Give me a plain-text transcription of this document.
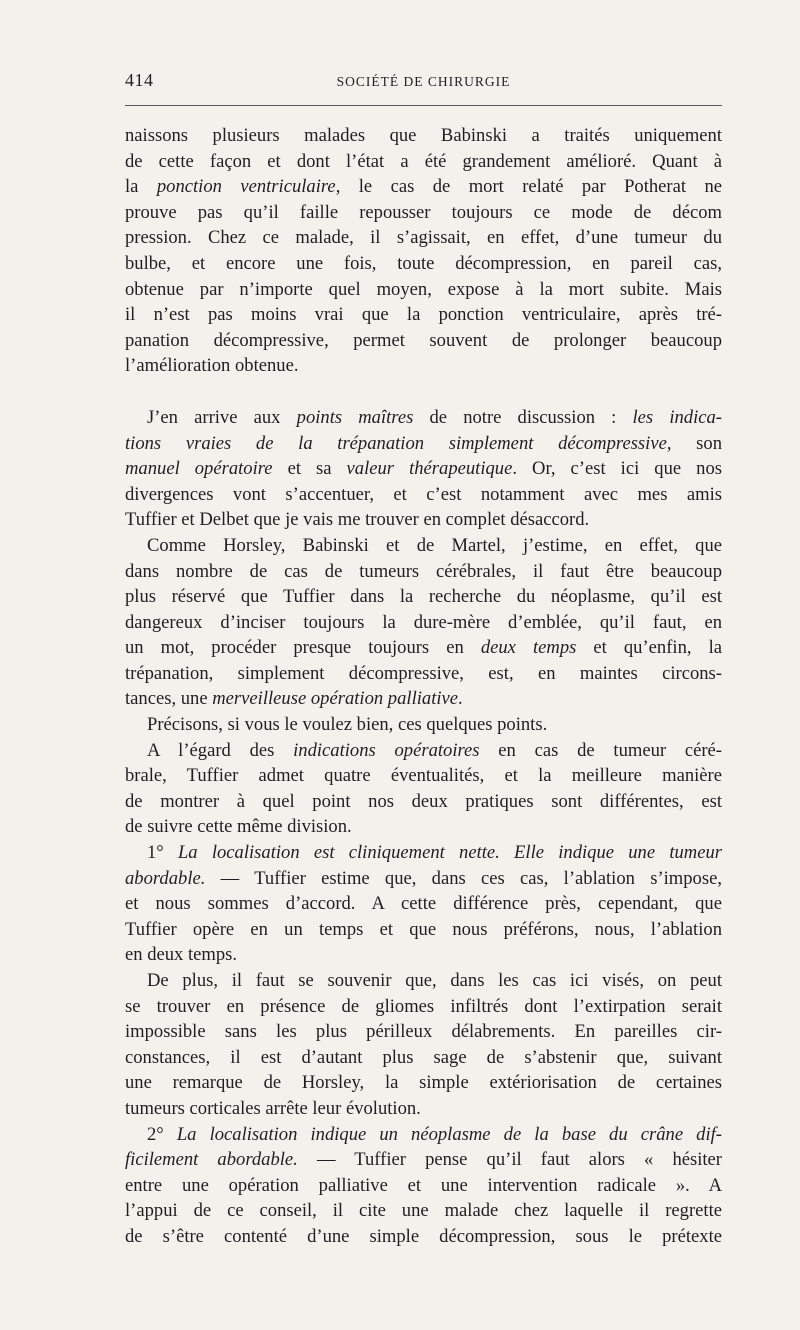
414	SOCIÉTÉ DE CHIRURGIE

naissons plusieurs malades que Babinski a traités uniquement
de cette façon et dont l’état a été grandement amélioré. Quant à
la ponction ventriculaire, le cas de mort relaté par Potherat ne
prouve pas qu’il faille repousser toujours ce mode de décom
pression. Chez ce malade, il s’agissait, en effet, d’une tumeur du
bulbe, et encore une fois, toute décompression, en pareil cas,
obtenue par n’importe quel moyen, expose à la mort subite. Mais
il n’est pas moins vrai que la ponction ventriculaire, après tré-
panation décompressive, permet souvent de prolonger beaucoup
l’amélioration obtenue.

J’en arrive aux points maîtres de notre discussion : les indica-
tions vraies de la trépanation simplement décompressive, son
manuel opératoire et sa valeur thérapeutique. Or, c’est ici que nos
divergences vont s’accentuer, et c’est notamment avec mes amis
Tuffier et Delbet que je vais me trouver en complet désaccord.

Comme Horsley, Babinski et de Martel, j’estime, en effet, que
dans nombre de cas de tumeurs cérébrales, il faut être beaucoup
plus réservé que Tuffier dans la recherche du néoplasme, qu’il est
dangereux d’inciser toujours la dure-mère d’emblée, qu’il faut, en
un mot, procéder presque toujours en deux temps et qu’enfin, la
trépanation, simplement décompressive, est, en maintes circons-
tances, une merveilleuse opération palliative.

Précisons, si vous le voulez bien, ces quelques points.

A l’égard des indications opératoires en cas de tumeur céré-
brale, Tuffier admet quatre éventualités, et la meilleure manière
de montrer à quel point nos deux pratiques sont différentes, est
de suivre cette même division.

1° La localisation est cliniquement nette. Elle indique une tumeur
abordable. — Tuffier estime que, dans ces cas, l’ablation s’impose,
et nous sommes d’accord. A cette différence près, cependant, que
Tuffier opère en un temps et que nous préférons, nous, l’ablation
en deux temps.

De plus, il faut se souvenir que, dans les cas ici visés, on peut
se trouver en présence de gliomes infiltrés dont l’extirpation serait
impossible sans les plus périlleux délabrements. En pareilles cir-
constances, il est d’autant plus sage de s’abstenir que, suivant
une remarque de Horsley, la simple extériorisation de certaines
tumeurs corticales arrête leur évolution.

2° La localisation indique un néoplasme de la base du crâne dif-
ficilement abordable. — Tuffier pense qu’il faut alors « hésiter
entre une opération palliative et une intervention radicale ». A
l’appui de ce conseil, il cite une malade chez laquelle il regrette
de s’être contenté d’une simple décompression, sous le prétexte
